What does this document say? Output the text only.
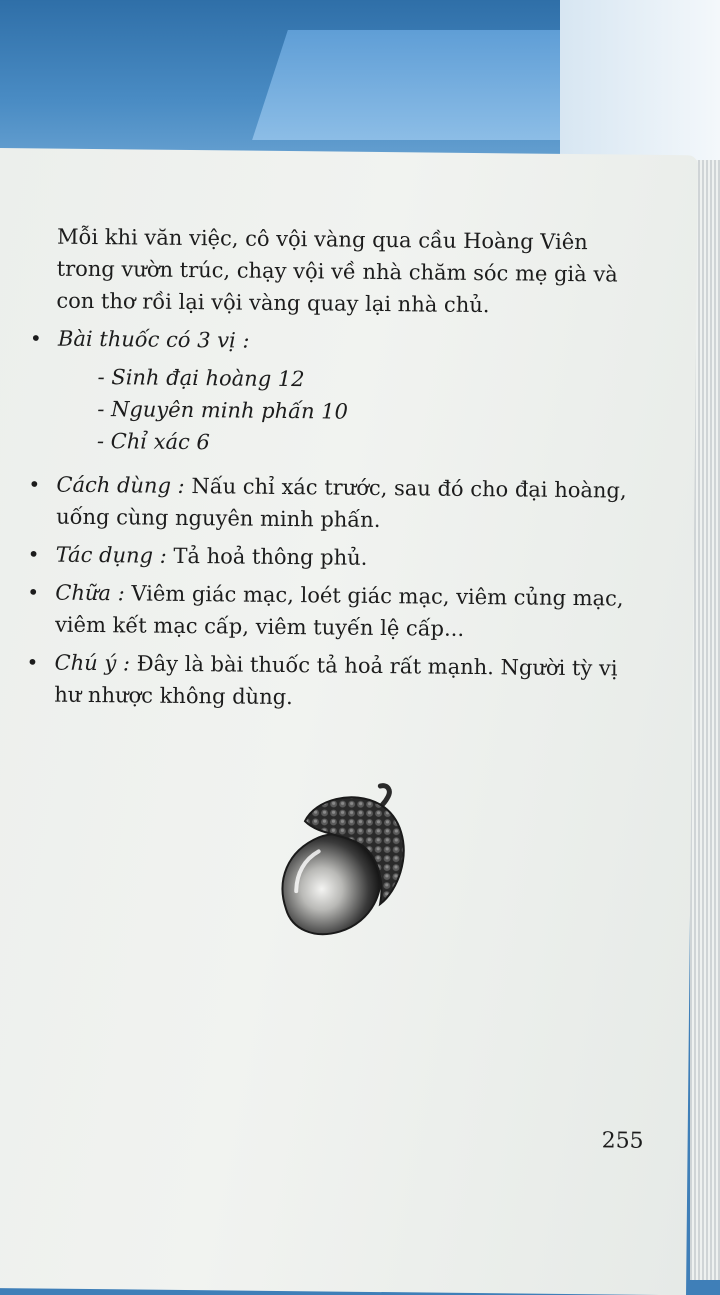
Mỗi khi văn việc, cô vội vàng qua cầu Hoàng Viên trong vườn trúc, chạy vội về nhà chăm sóc mẹ già và con thơ rồi lại vội vàng quay lại nhà chủ.

• Bài thuốc có 3 vị :
- Sinh đại hoàng 12
- Nguyên minh phấn 10
- Chỉ xác 6
• Cách dùng : Nấu chỉ xác trước, sau đó cho đại hoàng, uống cùng nguyên minh phấn.
• Tác dụng : Tả hoả thông phủ.
• Chữa : Viêm giác mạc, loét giác mạc, viêm củng mạc, viêm kết mạc cấp, viêm tuyến lệ cấp...
• Chú ý : Đây là bài thuốc tả hoả rất mạnh. Người tỳ vị hư nhược không dùng.
255
